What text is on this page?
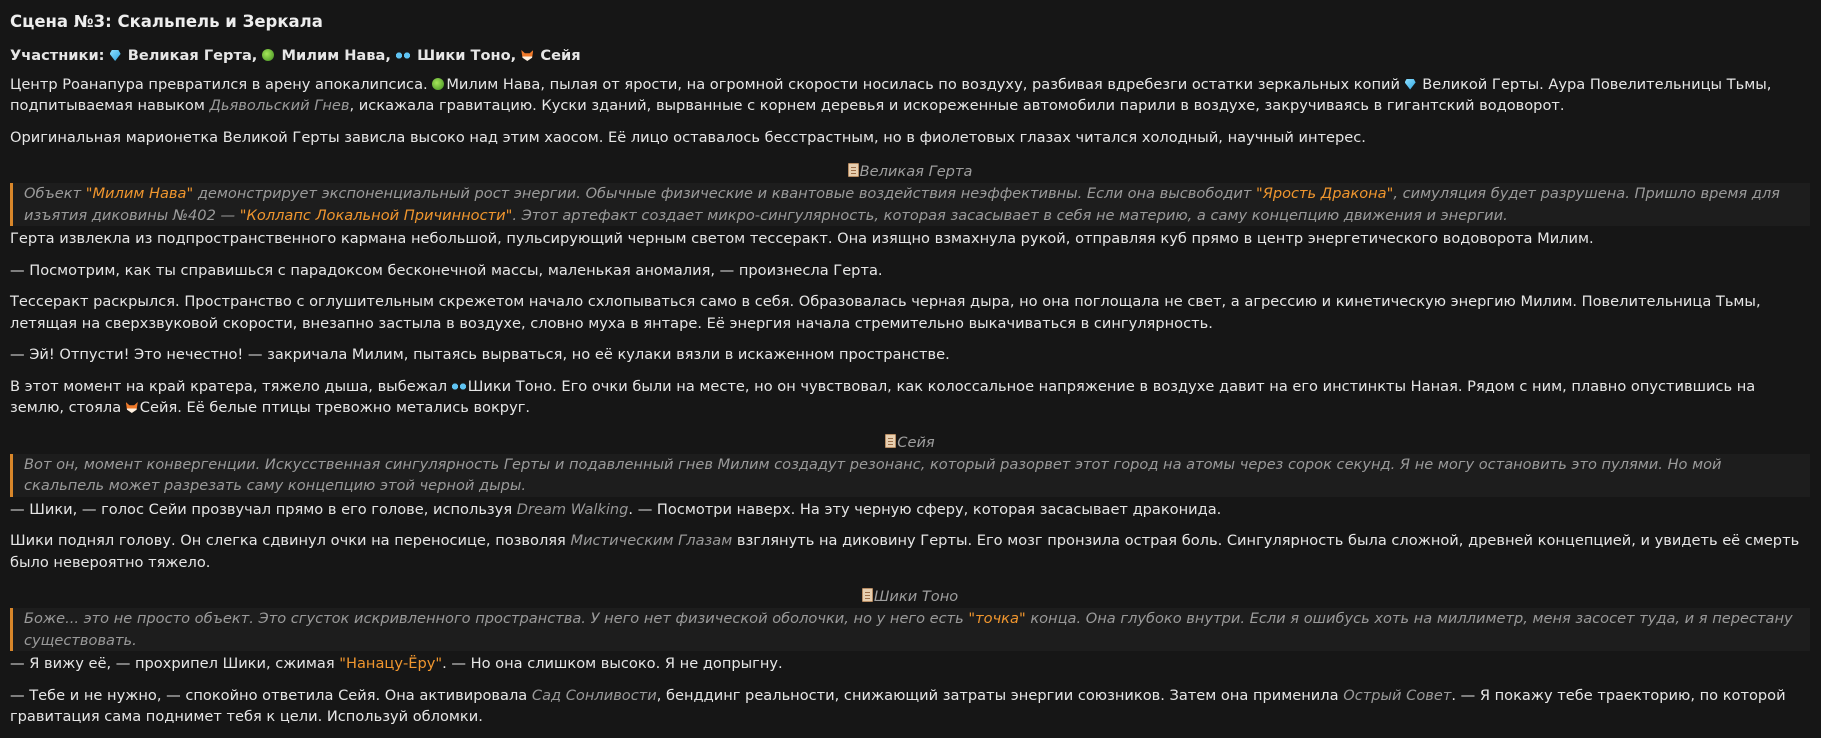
Сцена №3: Скальпель и Зеркала
Участники: Великая Герта, Милим Нава, Шики Тоно, Сейя

Центр Роанапура превратился в арену апокалипсиса. Милим Нава, пылая от ярости, на огромной скорости носилась по воздуху, разбивая вдребезги остатки зеркальных копий Великой Герты. Аура Повелительницы Тьмы, подпитываемая навыком Дьявольский Гнев, искажала гравитацию. Куски зданий, вырванные с корнем деревья и искореженные автомобили парили в воздухе, закручиваясь в гигантский водоворот.

Оригинальная марионетка Великой Герты зависла высоко над этим хаосом. Её лицо оставалось бесстрастным, но в фиолетовых глазах читался холодный, научный интерес.

Великая Герта
Объект "Милим Нава" демонстрирует экспоненциальный рост энергии. Обычные физические и квантовые воздействия неэффективны. Если она высвободит "Ярость Дракона", симуляция будет разрушена. Пришло время для изъятия диковины №402 — "Коллапс Локальной Причинности". Этот артефакт создает микро-сингулярность, которая засасывает в себя не материю, а саму концепцию движения и энергии.

Герта извлекла из подпространственного кармана небольшой, пульсирующий черным светом тессеракт. Она изящно взмахнула рукой, отправляя куб прямо в центр энергетического водоворота Милим.

— Посмотрим, как ты справишься с парадоксом бесконечной массы, маленькая аномалия, — произнесла Герта.

Тессеракт раскрылся. Пространство с оглушительным скрежетом начало схлопываться само в себя. Образовалась черная дыра, но она поглощала не свет, а агрессию и кинетическую энергию Милим. Повелительница Тьмы, летящая на сверхзвуковой скорости, внезапно застыла в воздухе, словно муха в янтаре. Её энергия начала стремительно выкачиваться в сингулярность.

— Эй! Отпусти! Это нечестно! — закричала Милим, пытаясь вырваться, но её кулаки вязли в искаженном пространстве.

В этот момент на край кратера, тяжело дыша, выбежал Шики Тоно. Его очки были на месте, но он чувствовал, как колоссальное напряжение в воздухе давит на его инстинкты Наная. Рядом с ним, плавно опустившись на землю, стояла Сейя. Её белые птицы тревожно метались вокруг.

Сейя
Вот он, момент конвергенции. Искусственная сингулярность Герты и подавленный гнев Милим создадут резонанс, который разорвет этот город на атомы через сорок секунд. Я не могу остановить это пулями. Но мой скальпель может разрезать саму концепцию этой черной дыры.

— Шики, — голос Сейи прозвучал прямо в его голове, используя Dream Walking. — Посмотри наверх. На эту черную сферу, которая засасывает драконида.

Шики поднял голову. Он слегка сдвинул очки на переносице, позволяя Мистическим Глазам взглянуть на диковину Герты. Его мозг пронзила острая боль. Сингулярность была сложной, древней концепцией, и увидеть её смерть было невероятно тяжело.

Шики Тоно
Боже... это не просто объект. Это сгусток искривленного пространства. У него нет физической оболочки, но у него есть "точка" конца. Она глубоко внутри. Если я ошибусь хоть на миллиметр, меня засосет туда, и я перестану существовать.

— Я вижу её, — прохрипел Шики, сжимая "Нанацу-Ёру". — Но она слишком высоко. Я не допрыгну.

— Тебе и не нужно, — спокойно ответила Сейя. Она активировала Сад Сонливости, бенддинг реальности, снижающий затраты энергии союзников. Затем она применила Острый Совет. — Я покажу тебе траекторию, по которой гравитация сама поднимет тебя к цели. Используй обломки.
